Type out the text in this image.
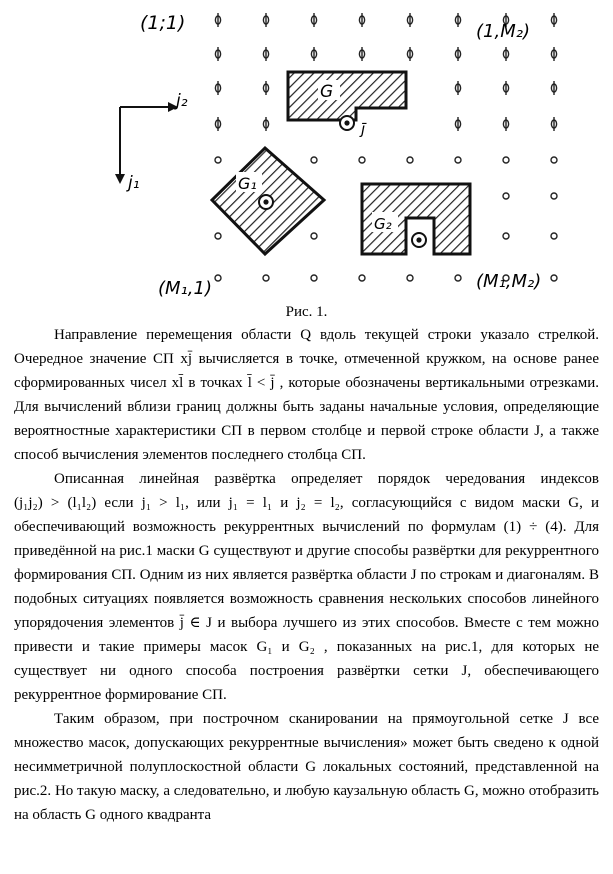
G
j̄
G₁
G₂
j₂
j₁
(1;1)	(1,M₂)
(M₁,1)	(M₁,M₂)
Рис. 1.

Направление перемещения области Q вдоль текущей строки указало стрелкой. Очередное значение СП xj̄ вычисляется в точке, отмеченной кружком, на основе ранее сформированных чисел xl̄ в точках l̄ < j̄ , которые обозначены вертикальными отрезками. Для вычислений вблизи границ должны быть заданы начальные условия, определяющие вероятностные характеристики СП в первом столбце и первой строке области J, а также способ вычисления элементов последнего столбца СП.

Описанная линейная развёртка определяет порядок чередования индексов (j₁j₂) > (l₁l₂) если j₁ > l₁, или j₁ = l₁ и j₂ = l₂, согласующийся с видом маски G, и обеспечивающий возможность рекуррентных вычислений по формулам (1) ÷ (4). Для приведённой на рис.1 маски G существуют и другие способы развёртки для рекуррентного формирования СП. Одним из них является развёртка области J по строкам и диагоналям. В подобных ситуациях появляется возможность сравнения нескольких способов линейного упорядочения элементов j̄ ∈ J и выбора лучшего из этих способов. Вместе с тем можно привести и такие примеры масок G₁ и G₂ , показанных на рис.1, для которых не существует ни одного способа построения развёртки сетки J, обеспечивающего рекуррентное формирование СП.

Таким образом, при построчном сканировании на прямоугольной сетке J все множество масок, допускающих рекуррентные вычисления» может быть сведено к одной несимметричной полуплоскостной области G локальных состояний, представленной на рис.2. Но такую маску, а следовательно, и любую каузальную область G, можно отобразить на область G одного квадранта
